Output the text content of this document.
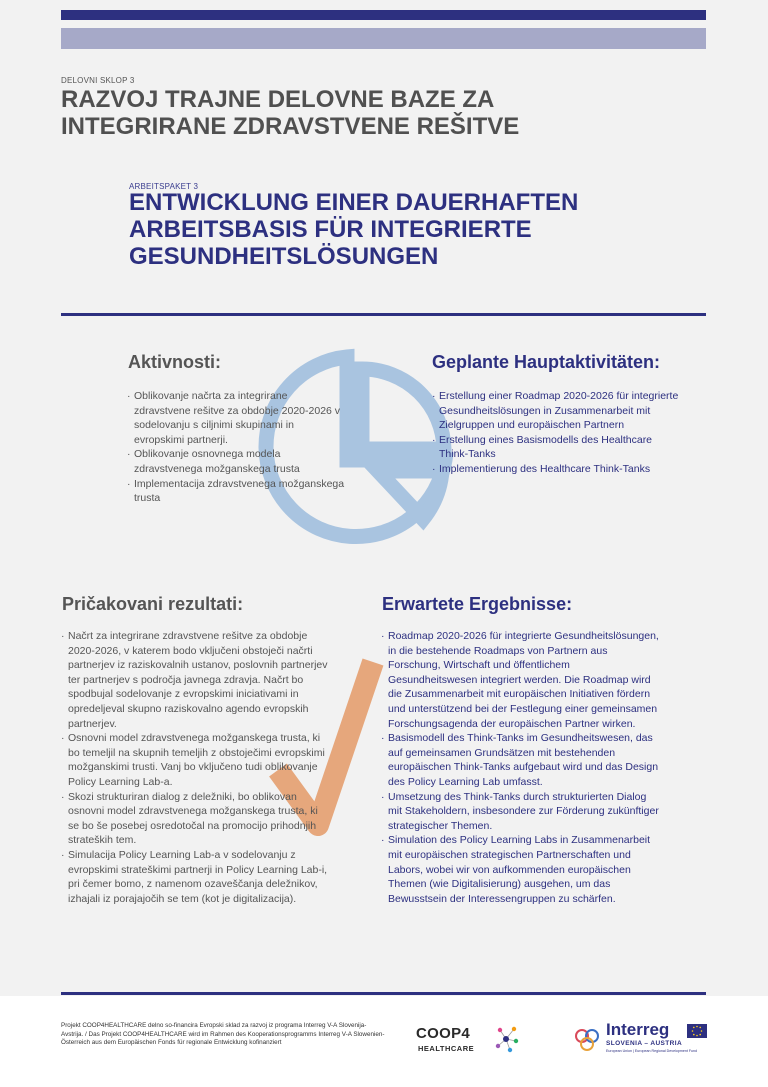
DELOVNI SKLOP 3
RAZVOJ TRAJNE DELOVNE BAZE ZA INTEGRIRANE ZDRAVSTVENE REŠITVE
ARBEITSPAKET 3
ENTWICKLUNG EINER DAUERHAFTEN ARBEITSBASIS FÜR INTEGRIERTE GESUNDHEITSLÖSUNGEN
Aktivnosti:
· Oblikovanje načrta za integrirane zdravstvene rešitve za obdobje 2020-2026 v sodelovanju s ciljnimi skupinami in evropskimi partnerji.
· Oblikovanje osnovnega modela zdravstvenega možganskega trusta
· Implementacija zdravstvenega možganskega trusta
Geplante Hauptaktivitäten:
· Erstellung einer Roadmap 2020-2026 für integrierte Gesundheitslösungen in Zusammenarbeit mit Zielgruppen und europäischen Partnern
· Erstellung eines Basismodells des Healthcare Think-Tanks
· Implementierung des Healthcare Think-Tanks
Pričakovani rezultati:
· Načrt za integrirane zdravstvene rešitve za obdobje 2020-2026, v katerem bodo vključeni obstoječi načrti partnerjev iz raziskovalnih ustanov, poslovnih partnerjev ter partnerjev s področja javnega zdravja. Načrt bo spodbujal sodelovanje z evropskimi iniciativami in opredeljeval skupno raziskovalno agendo evropskih partnerjev.
· Osnovni model zdravstvenega možganskega trusta, ki bo temeljil na skupnih temeljih z obstoječimi evropskimi možganskimi trusti. Vanj bo vključeno tudi oblikovanje Policy Learning Lab-a.
· Skozi strukturiran dialog z deležniki, bo oblikovan osnovni model zdravstvenega možganskega trusta, ki se bo še posebej osredotočal na promocijo prihodnjih strateških tem.
· Simulacija Policy Learning Lab-a v sodelovanju z evropskimi strateškimi partnerji in Policy Learning Lab-i, pri čemer bomo, z namenom ozaveščanja deležnikov, izhajali iz porajajočih se tem (kot je digitalizacija).
Erwartete Ergebnisse:
· Roadmap 2020-2026 für integrierte Gesundheitslösungen, in die bestehende Roadmaps von Partnern aus Forschung, Wirtschaft und öffentlichem Gesundheitswesen integriert werden. Die Roadmap wird die Zusammenarbeit mit europäischen Initiativen fördern und unterstützend bei der Festlegung einer gemeinsamen Forschungsagenda der europäischen Partner wirken.
· Basismodell des Think-Tanks im Gesundheitswesen, das auf gemeinsamen Grundsätzen mit bestehenden europäischen Think-Tanks aufgebaut wird und das Design des Policy Learning Lab umfasst.
· Umsetzung des Think-Tanks durch strukturierten Dialog mit Stakeholdern, insbesondere zur Förderung zukünftiger strategischer Themen.
· Simulation des Policy Learning Labs in Zusammenarbeit mit europäischen strategischen Partnerschaften und Labors, wobei wir von aufkommenden europäischen Themen (wie Digitalisierung) ausgehen, um das Bewusstsein der Interessengruppen zu schärfen.
Projekt COOP4HEALTHCARE delno so-financira Evropski sklad za razvoj iz programa Interreg V-A Slovenija-Avstrija. / Das Projekt COOP4HEALTHCARE wird im Rahmen des Kooperationsprogramms Interreg V-A Slowenien-Österreich aus dem Europäischen Fonds für regionale Entwicklung kofinanziert
COOP4
HEALTHCARE
Interreg
SLOVENIA – AUSTRIA
European Union | European Regional Development Fund
